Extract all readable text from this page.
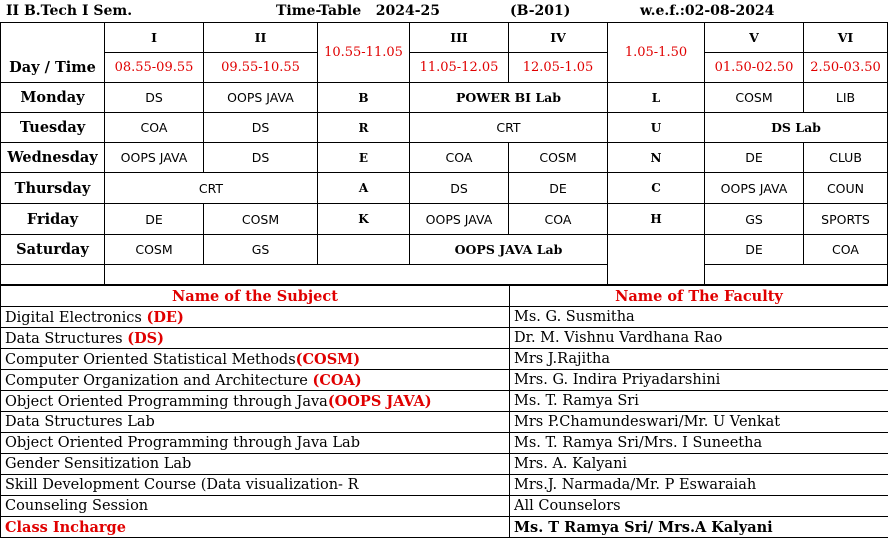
II B.Tech I Sem.	Time-Table   2024-25	(B-201)	w.e.f.:02-08-2024
	I	II	10.55-11.05	III	IV	1.05-1.50	V	VI
Day / Time	08.55-09.55	09.55-10.55		11.05-12.05	12.05-1.05		01.50-02.50	2.50-03.50
Monday	DS	OOPS JAVA	B	POWER BI Lab		L	COSM	LIB
Tuesday	COA	DS	R	CRT		U	DS Lab	
Wednesday	OOPS JAVA	DS	E	COA	COSM	N	DE	CLUB
Thursday	CRT		A	DS	DE	C	OOPS JAVA	COUN
Friday	DE	COSM	K	OOPS JAVA	COA	H	GS	SPORTS
Saturday	COSM	GS		OOPS JAVA Lab			DE	COA

Name of the Subject	Name of The Faculty
Digital Electronics (DE)	Ms. G. Susmitha
Data Structures (DS)	Dr. M. Vishnu Vardhana Rao
Computer Oriented Statistical Methods(COSM)	Mrs J.Rajitha
Computer Organization and Architecture (COA)	Mrs. G. Indira Priyadarshini
Object Oriented Programming through Java(OOPS JAVA)	Ms. T. Ramya Sri
Data Structures Lab	Mrs P.Chamundeswari/Mr. U Venkat
Object Oriented Programming through Java Lab	Ms. T. Ramya Sri/Mrs. I Suneetha
Gender Sensitization Lab	Mrs. A. Kalyani
Skill Development Course (Data visualization- R	Mrs.J. Narmada/Mr. P Eswaraiah
Counseling Session	All Counselors
Class Incharge	Ms. T Ramya Sri/ Mrs.A Kalyani
